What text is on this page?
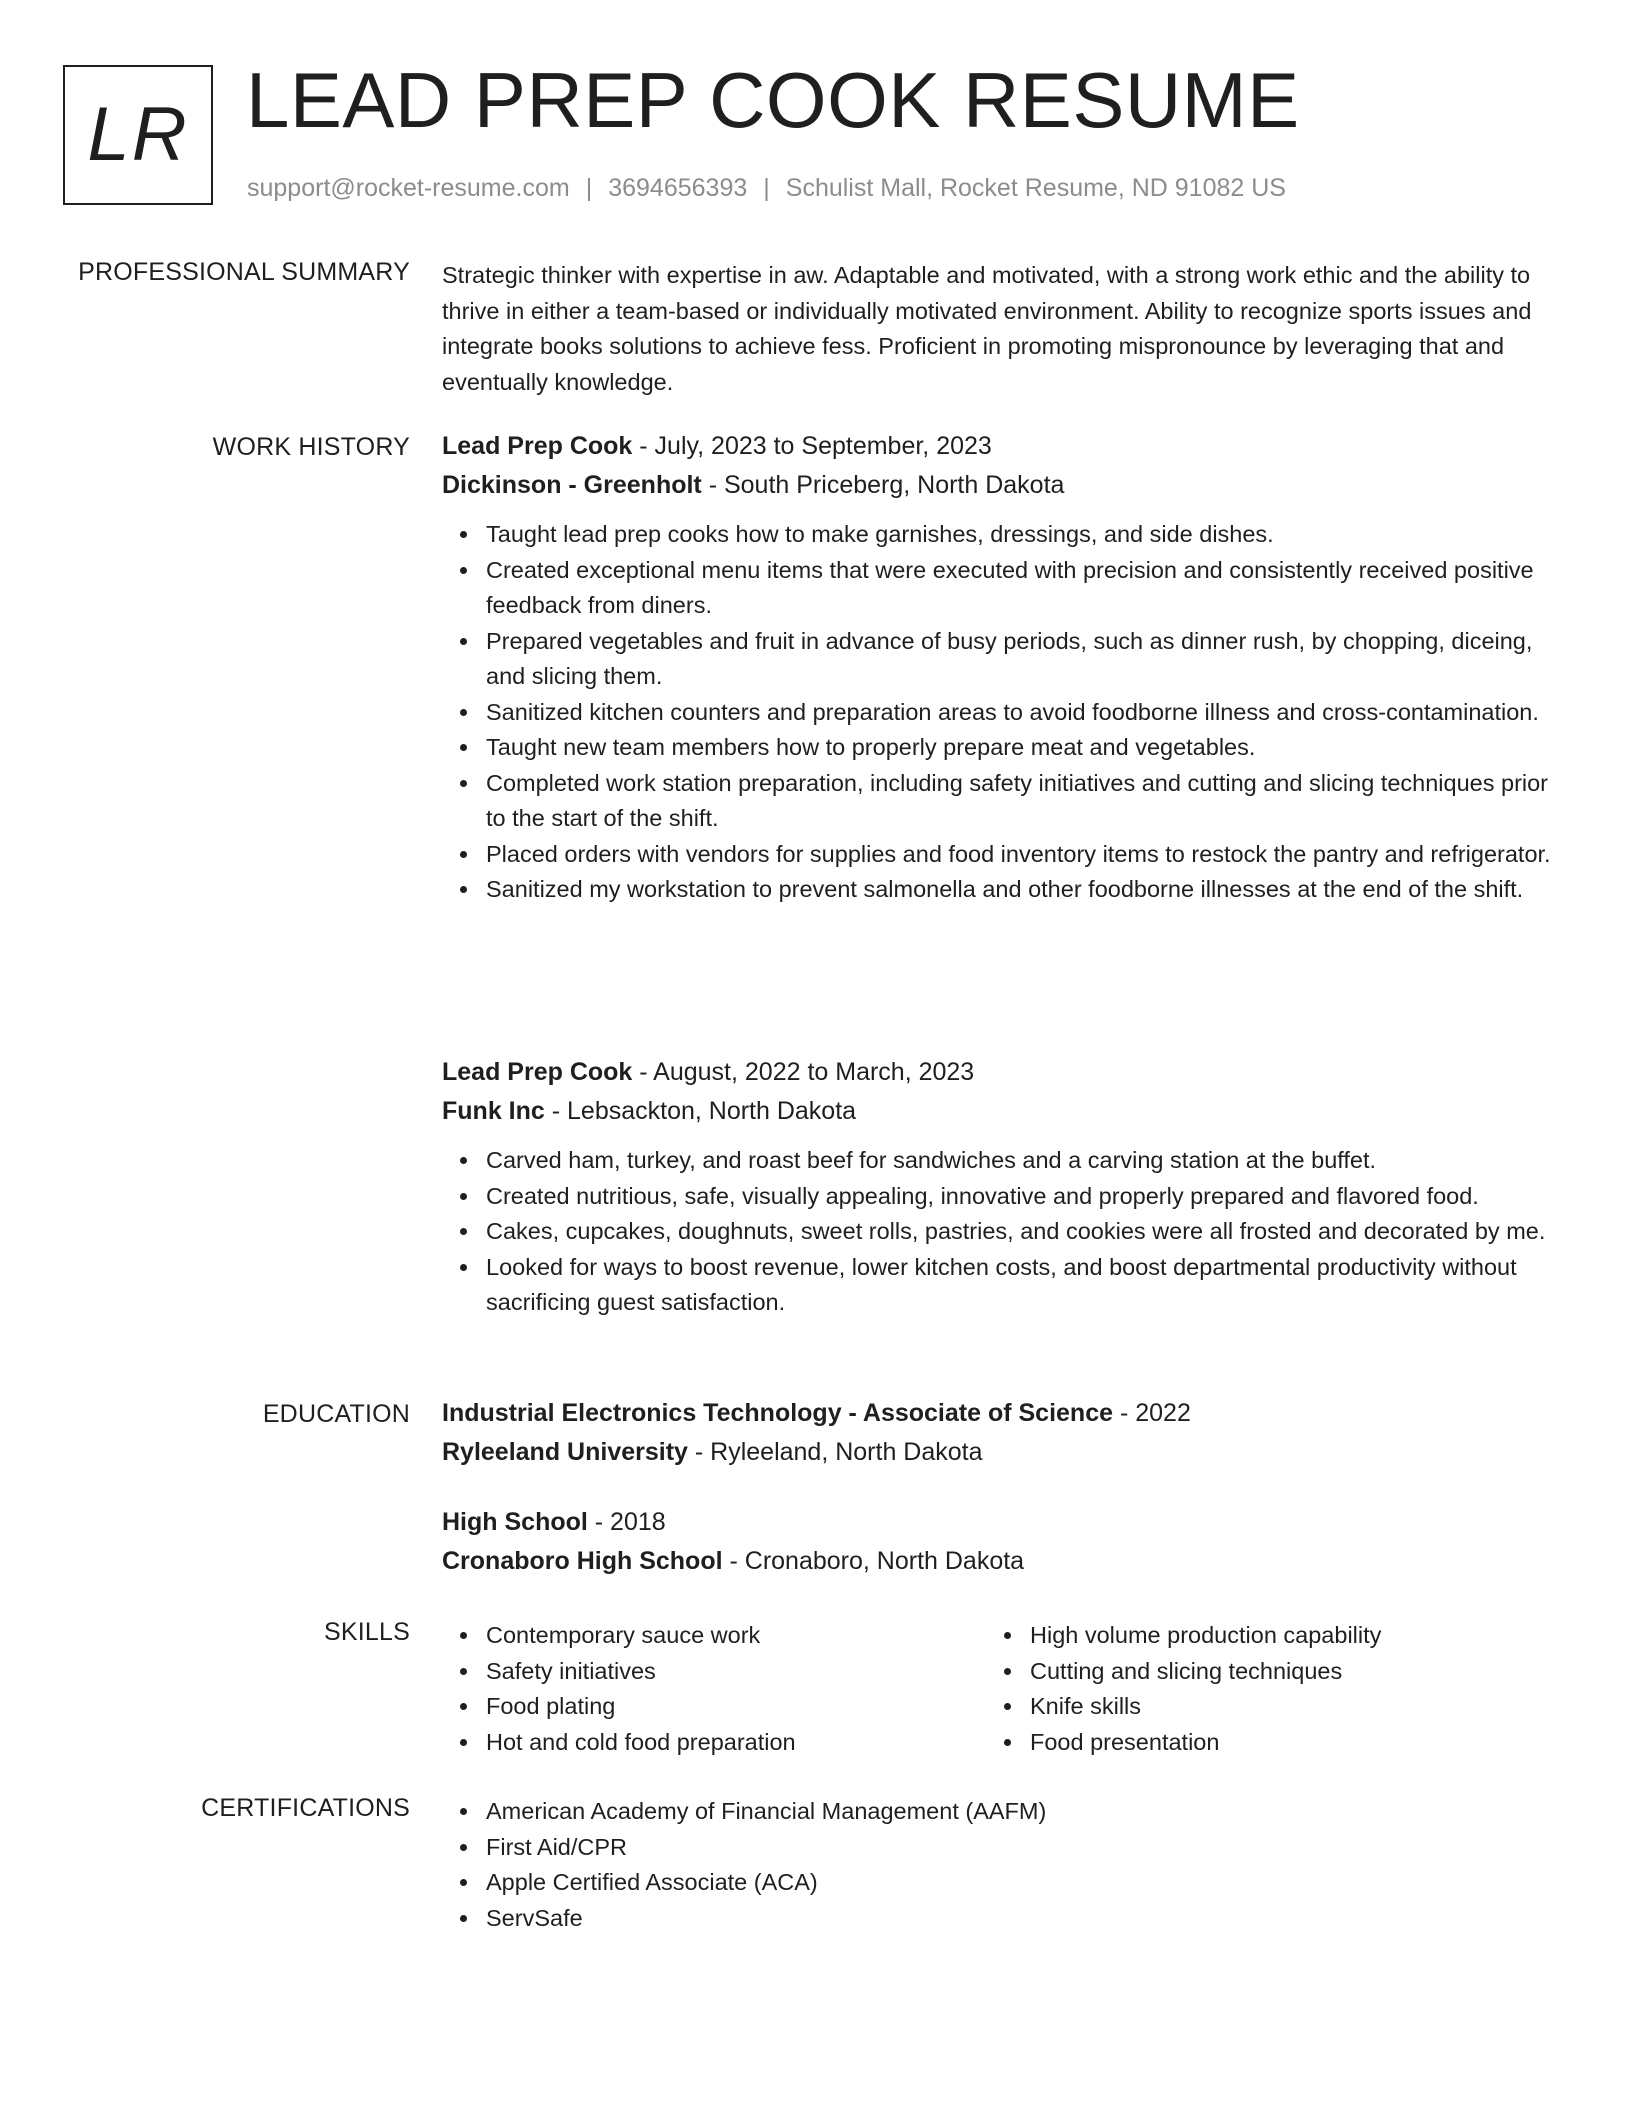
LR LEAD PREP COOK RESUME
support@rocket-resume.com | 3694656393 | Schulist Mall, Rocket Resume, ND 91082 US
PROFESSIONAL SUMMARY Strategic thinker with expertise in aw. Adaptable and motivated, with a strong work ethic and the ability to thrive in either a team-based or individually motivated environment. Ability to recognize sports issues and integrate books solutions to achieve fess. Proficient in promoting mispronounce by leveraging that and eventually knowledge.

WORK HISTORY Lead Prep Cook - July, 2023 to September, 2023

Dickinson - Greenholt - South Priceberg, North Dakota

Taught lead prep cooks how to make garnishes, dressings, and side dishes.
Created exceptional menu items that were executed with precision and consistently received positive feedback from diners.
Prepared vegetables and fruit in advance of busy periods, such as dinner rush, by chopping, diceing, and slicing them.
Sanitized kitchen counters and preparation areas to avoid foodborne illness and cross-contamination.
Taught new team members how to properly prepare meat and vegetables.
Completed work station preparation, including safety initiatives and cutting and slicing techniques prior to the start of the shift.
Placed orders with vendors for supplies and food inventory items to restock the pantry and refrigerator.
Sanitized my workstation to prevent salmonella and other foodborne illnesses at the end of the shift.

Lead Prep Cook - August, 2022 to March, 2023

Funk Inc - Lebsackton, North Dakota

Carved ham, turkey, and roast beef for sandwiches and a carving station at the buffet.
Created nutritious, safe, visually appealing, innovative and properly prepared and flavored food.
Cakes, cupcakes, doughnuts, sweet rolls, pastries, and cookies were all frosted and decorated by me.
Looked for ways to boost revenue, lower kitchen costs, and boost departmental productivity without sacrificing guest satisfaction.
EDUCATION Industrial Electronics Technology - Associate of Science - 2022

Ryleeland University - Ryleeland, North Dakota

High School - 2018

Cronaboro High School - Cronaboro, North Dakota

SKILLS	Contemporary sauce work
Safety initiatives
Food plating
Hot and cold food preparation
High volume production capability
Cutting and slicing techniques
Knife skills
Food presentation
CERTIFICATIONS	American Academy of Financial Management (AAFM)
First Aid/CPR
Apple Certified Associate (ACA)
ServSafe
